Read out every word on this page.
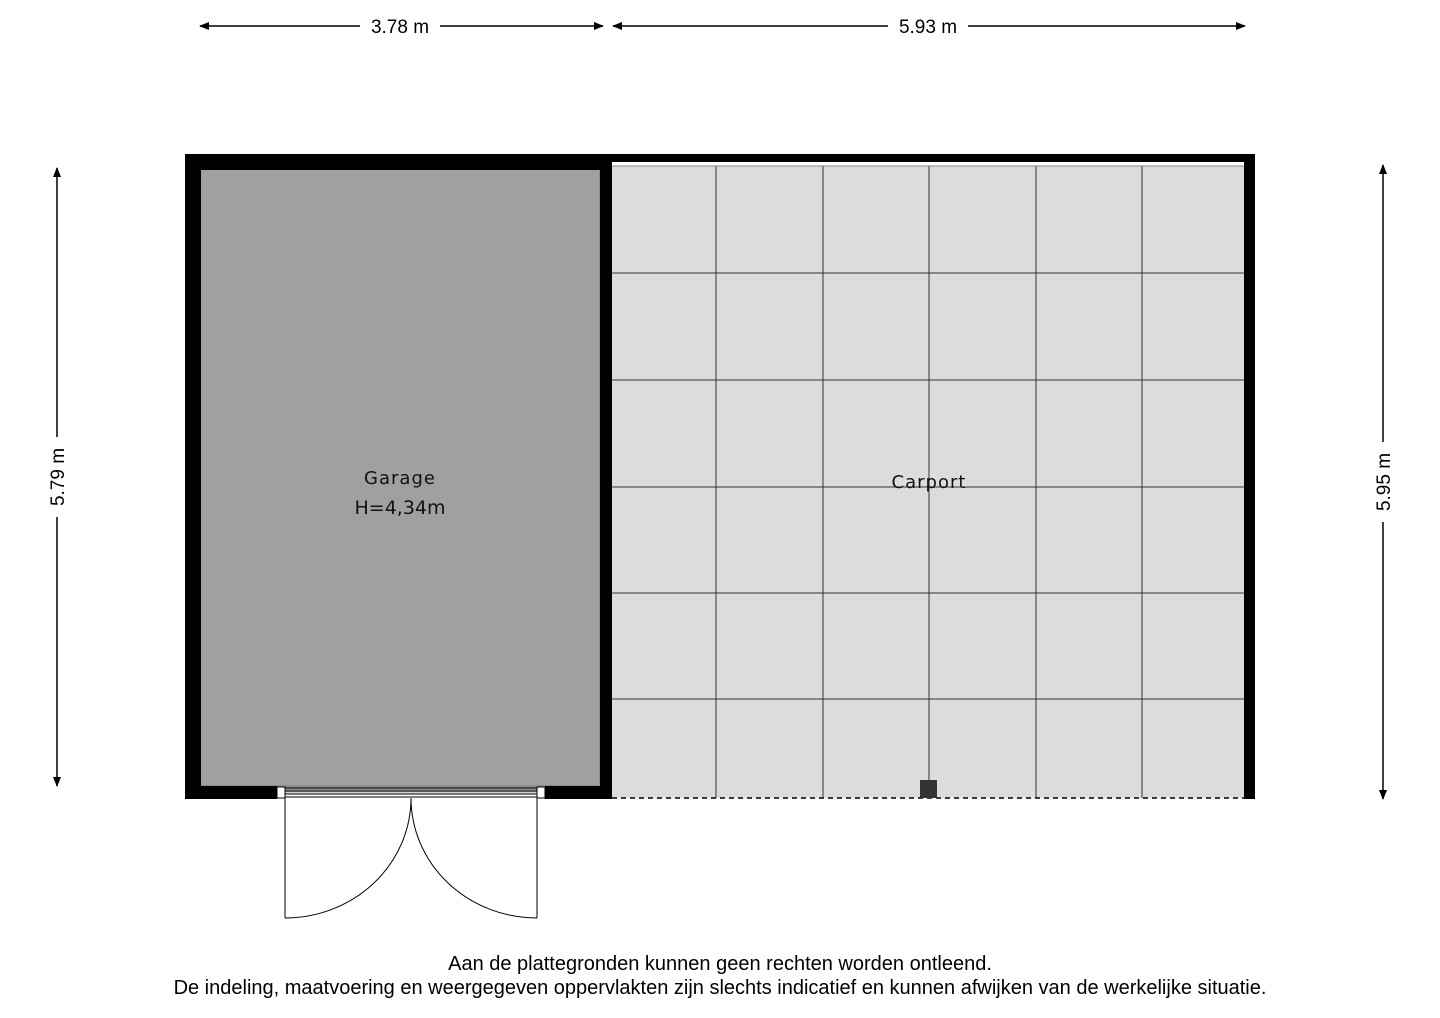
3.78 m	5.93 m
5.79 m	5.95 m
Garage
H=4,34m
Carport
Aan de plattegronden kunnen geen rechten worden ontleend.
De indeling, maatvoering en weergegeven oppervlakten zijn slechts indicatief en kunnen afwijken van de werkelijke situatie.
